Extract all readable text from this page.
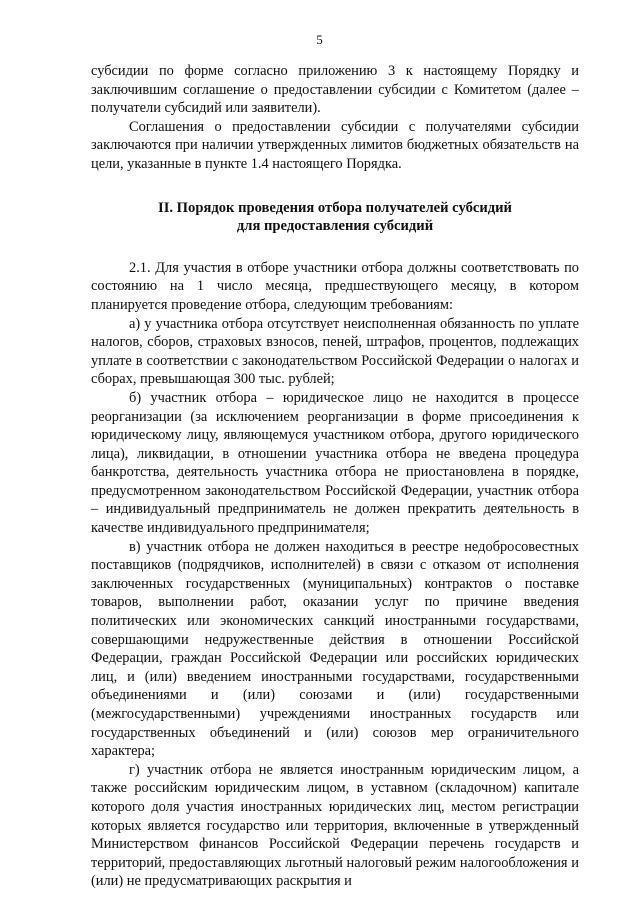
5

субсидии по форме согласно приложению 3 к настоящему Порядку и заключившим соглашение о предоставлении субсидии с Комитетом (далее – получатели субсидий или заявители).

Соглашения о предоставлении субсидии с получателями субсидии заключаются при наличии утвержденных лимитов бюджетных обязательств на цели, указанные в пункте 1.4 настоящего Порядка.

II. Порядок проведения отбора получателей субсидий
для предоставления субсидий

2.1. Для участия в отборе участники отбора должны соответствовать по состоянию на 1 число месяца, предшествующего месяцу, в котором планируется проведение отбора, следующим требованиям:

а) у участника отбора отсутствует неисполненная обязанность по уплате налогов, сборов, страховых взносов, пеней, штрафов, процентов, подлежащих уплате в соответствии с законодательством Российской Федерации о налогах и сборах, превышающая 300 тыс. рублей;

б) участник отбора – юридическое лицо не находится в процессе реорганизации (за исключением реорганизации в форме присоединения к юридическому лицу, являющемуся участником отбора, другого юридического лица), ликвидации, в отношении участника отбора не введена процедура банкротства, деятельность участника отбора не приостановлена в порядке, предусмотренном законодательством Российской Федерации, участник отбора – индивидуальный предприниматель не должен прекратить деятельность в качестве индивидуального предпринимателя;

в) участник отбора не должен находиться в реестре недобросовестных поставщиков (подрядчиков, исполнителей) в связи с отказом от исполнения заключенных государственных (муниципальных) контрактов о поставке товаров, выполнении работ, оказании услуг по причине введения политических или экономических санкций иностранными государствами, совершающими недружественные действия в отношении Российской Федерации, граждан Российской Федерации или российских юридических лиц, и (или) введением иностранными государствами, государственными объединениями и (или) союзами и (или) государственными (межгосударственными) учреждениями иностранных государств или государственных объединений и (или) союзов мер ограничительного характера;

г) участник отбора не является иностранным юридическим лицом, а также российским юридическим лицом, в уставном (складочном) капитале которого доля участия иностранных юридических лиц, местом регистрации которых является государство или территория, включенные в утвержденный Министерством финансов Российской Федерации перечень государств и территорий, предоставляющих льготный налоговый режим налогообложения и (или) не предусматривающих раскрытия и
